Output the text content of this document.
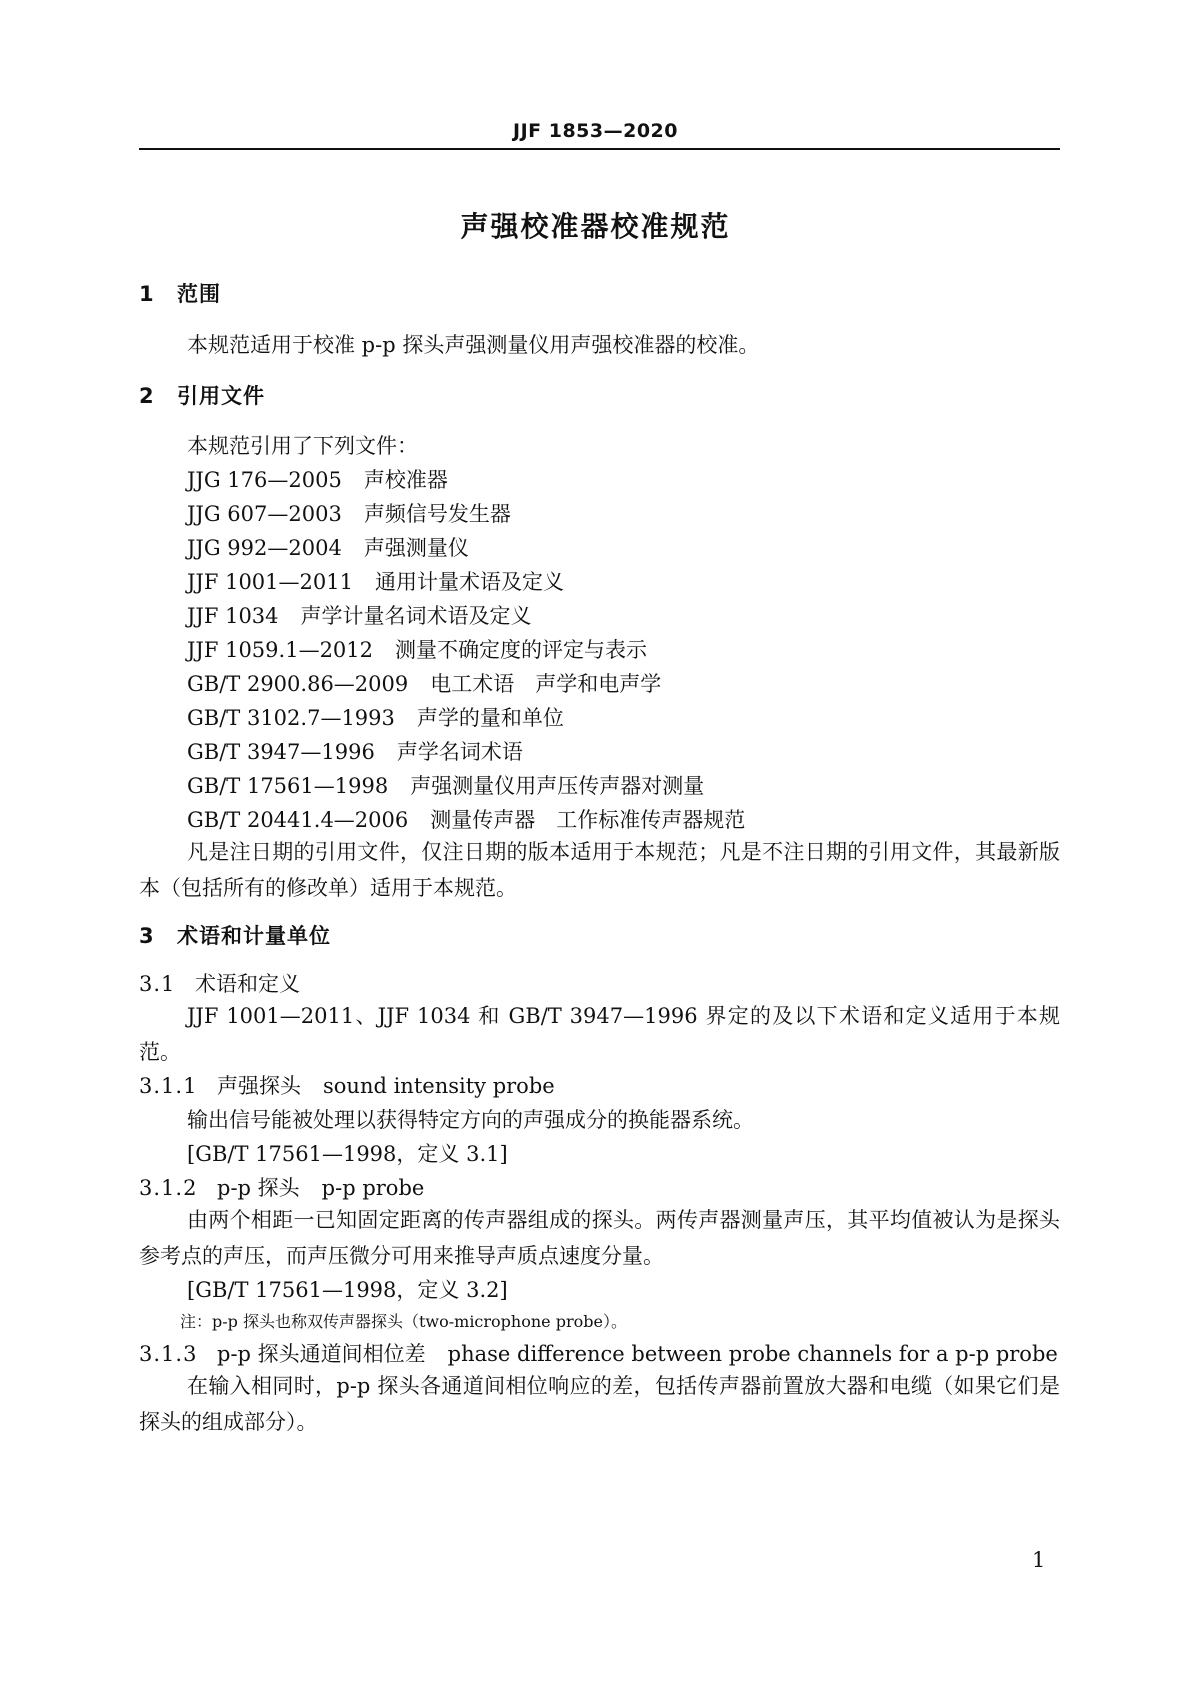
JJF 1853—2020
声强校准器校准规范
1 范围
本规范适用于校准 p-p 探头声强测量仪用声强校准器的校准。
2 引用文件
本规范引用了下列文件：
JJG 176—2005 声校准器
JJG 607—2003 声频信号发生器
JJG 992—2004 声强测量仪
JJF 1001—2011 通用计量术语及定义
JJF 1034 声学计量名词术语及定义
JJF 1059.1—2012 测量不确定度的评定与表示
GB/T 2900.86—2009 电工术语　声学和电声学
GB/T 3102.7—1993 声学的量和单位
GB/T 3947—1996 声学名词术语
GB/T 17561—1998 声强测量仪用声压传声器对测量
GB/T 20441.4—2006 测量传声器　工作标准传声器规范
凡是注日期的引用文件，仅注日期的版本适用于本规范；凡是不注日期的引用文件，其最新版本（包括所有的修改单）适用于本规范。
3 术语和计量单位
3.1 术语和定义
JJF 1001—2011、JJF 1034 和 GB/T 3947—1996 界定的及以下术语和定义适用于本规范。
3.1.1 声强探头 sound intensity probe
输出信号能被处理以获得特定方向的声强成分的换能器系统。
[GB/T 17561—1998，定义 3.1]
3.1.2 p-p 探头 p-p probe
由两个相距一已知固定距离的传声器组成的探头。两传声器测量声压，其平均值被认为是探头参考点的声压，而声压微分可用来推导声质点速度分量。
[GB/T 17561—1998，定义 3.2]
注：p-p 探头也称双传声器探头（two-microphone probe）。
3.1.3 p-p 探头通道间相位差 phase difference between probe channels for a p-p probe
在输入相同时，p-p 探头各通道间相位响应的差，包括传声器前置放大器和电缆（如果它们是探头的组成部分）。
1
